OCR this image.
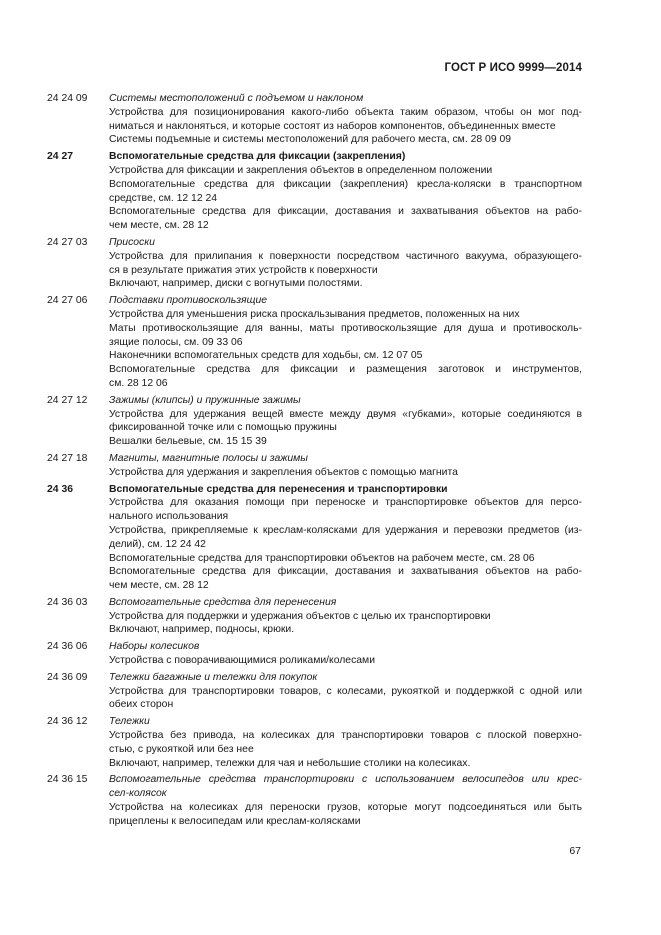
ГОСТ Р ИСО 9999—2014
24 24 09	Системы местоположений с подъемом и наклоном
Устройства для позиционирования какого-либо объекта таким образом, чтобы он мог под-
ниматься и наклоняться, и которые состоят из наборов компонентов, объединенных вместе
Системы подъемные и системы местоположений для рабочего места, см. 28 09 09
24 27	Вспомогательные средства для фиксации (закрепления)
Устройства для фиксации и закрепления объектов в определенном положении
Вспомогательные средства для фиксации (закрепления) кресла-коляски в транспортном
средстве, см. 12 12 24
Вспомогательные средства для фиксации, доставания и захватывания объектов на рабо-
чем месте, см. 28 12
24 27 03	Присоски
Устройства для прилипания к поверхности посредством частичного вакуума, образующего-
ся в результате прижатия этих устройств к поверхности
Включают, например, диски с вогнутыми полостями.
24 27 06	Подставки противоскользящие
Устройства для уменьшения риска проскальзывания предметов, положенных на них
Маты противоскользящие для ванны, маты противоскользящие для душа и противосколь-
зящие полосы, см. 09 33 06
Наконечники вспомогательных средств для ходьбы, см. 12 07 05
Вспомогательные средства для фиксации и размещения заготовок и инструментов,
см. 28 12 06
24 27 12	Зажимы (клипсы) и пружинные зажимы
Устройства для удержания вещей вместе между двумя «губками», которые соединяются в
фиксированной точке или с помощью пружины
Вешалки бельевые, см. 15 15 39
24 27 18	Магниты, магнитные полосы и зажимы
Устройства для удержания и закрепления объектов с помощью магнита
24 36	Вспомогательные средства для перенесения и транспортировки
Устройства для оказания помощи при переноске и транспортировке объектов для персо-
нального использования
Устройства, прикрепляемые к креслам-колясками для удержания и перевозки предметов (из-
делий), см. 12 24 42
Вспомогательные средства для транспортировки объектов на рабочем месте, см. 28 06
Вспомогательные средства для фиксации, доставания и захватывания объектов на рабо-
чем месте, см. 28 12
24 36 03	Вспомогательные средства для перенесения
Устройства для поддержки и удержания объектов с целью их транспортировки
Включают, например, подносы, крюки.
24 36 06	Наборы колесиков
Устройства с поворачивающимися роликами/колесами
24 36 09	Тележки багажные и тележки для покупок
Устройства для транспортировки товаров, с колесами, рукояткой и поддержкой с одной или
обеих сторон
24 36 12	Тележки
Устройства без привода, на колесиках для транспортировки товаров с плоской поверхно-
стью, с рукояткой или без нее
Включают, например, тележки для чая и небольшие столики на колесиках.
24 36 15	Вспомогательные средства транспортировки с использованием велосипедов или крес-
сел-колясок
Устройства на колесиках для переноски грузов, которые могут подсоединяться или быть
прицеплены к велосипедам или креслам-колясками
67
